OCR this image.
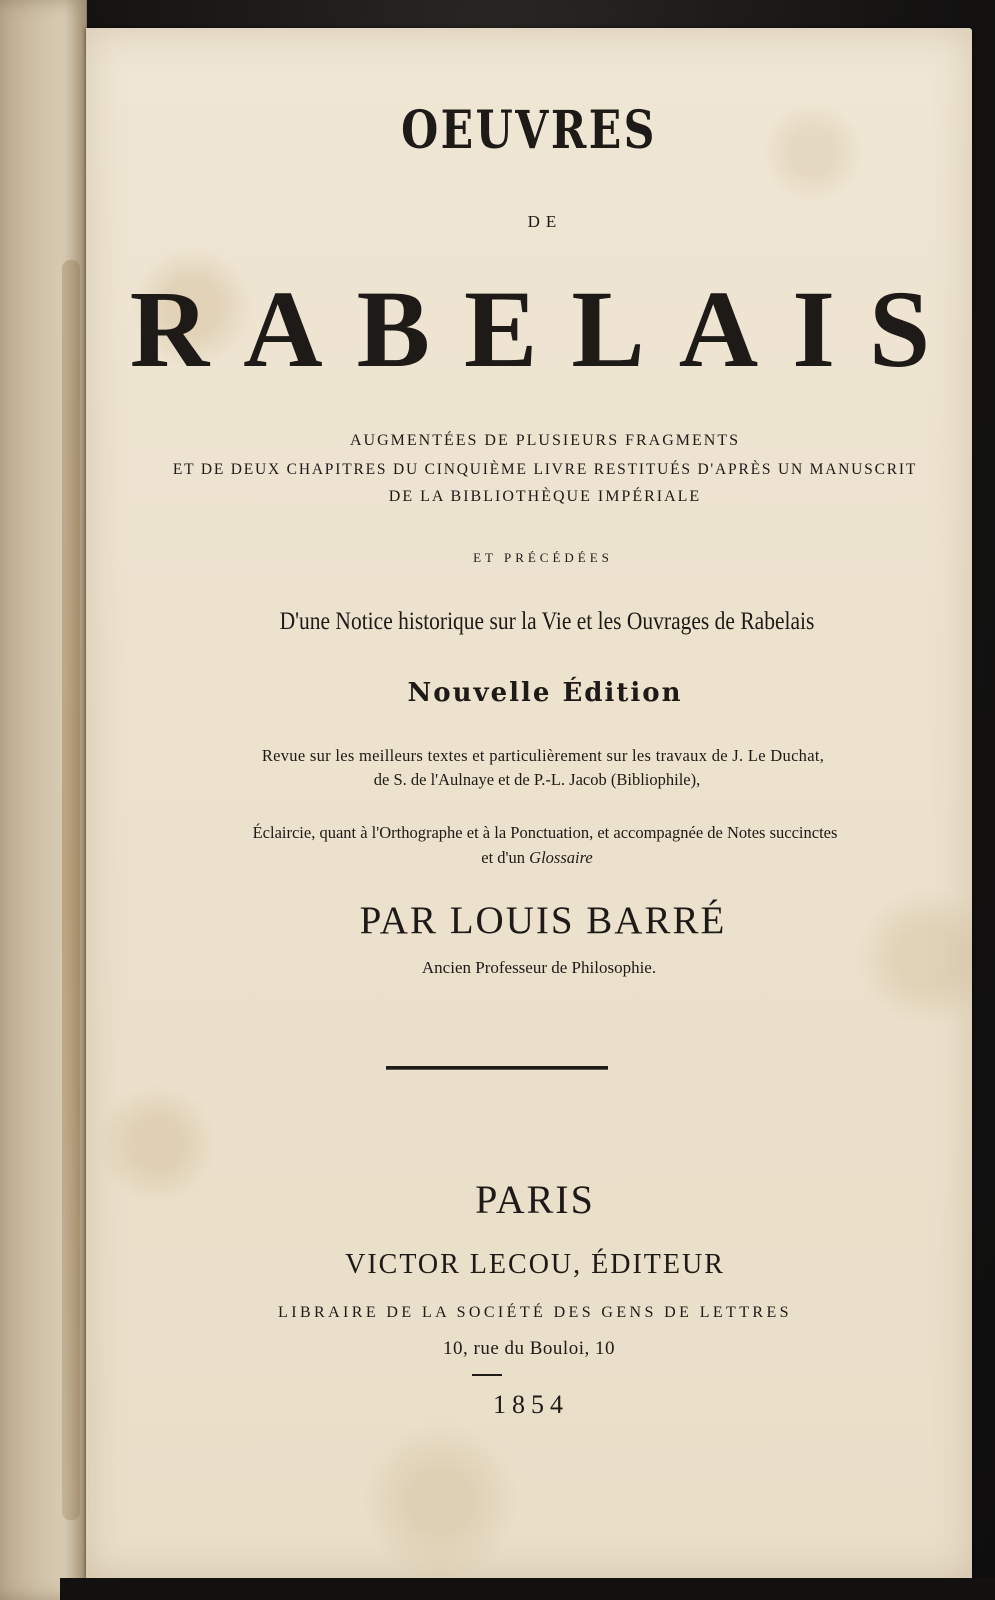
OEUVRES

DE

RABELAIS

AUGMENTÉES DE PLUSIEURS FRAGMENTS

ET DE DEUX CHAPITRES DU CINQUIÈME LIVRE RESTITUÉS D'APRÈS UN MANUSCRIT

DE LA BIBLIOTHÈQUE IMPÉRIALE

ET PRÉCÉDÉES

D'une Notice historique sur la Vie et les Ouvrages de Rabelais

Nouvelle Édition

Revue sur les meilleurs textes et particulièrement sur les travaux de J. Le Duchat,

de S. de l'Aulnaye et de P.-L. Jacob (Bibliophile),

Éclaircie, quant à l'Orthographe et à la Ponctuation, et accompagnée de Notes succinctes

et d'un Glossaire

PAR LOUIS BARRÉ

Ancien Professeur de Philosophie.

PARIS

VICTOR LECOU, ÉDITEUR

LIBRAIRE DE LA SOCIÉTÉ DES GENS DE LETTRES

10, rue du Bouloi, 10

1854
